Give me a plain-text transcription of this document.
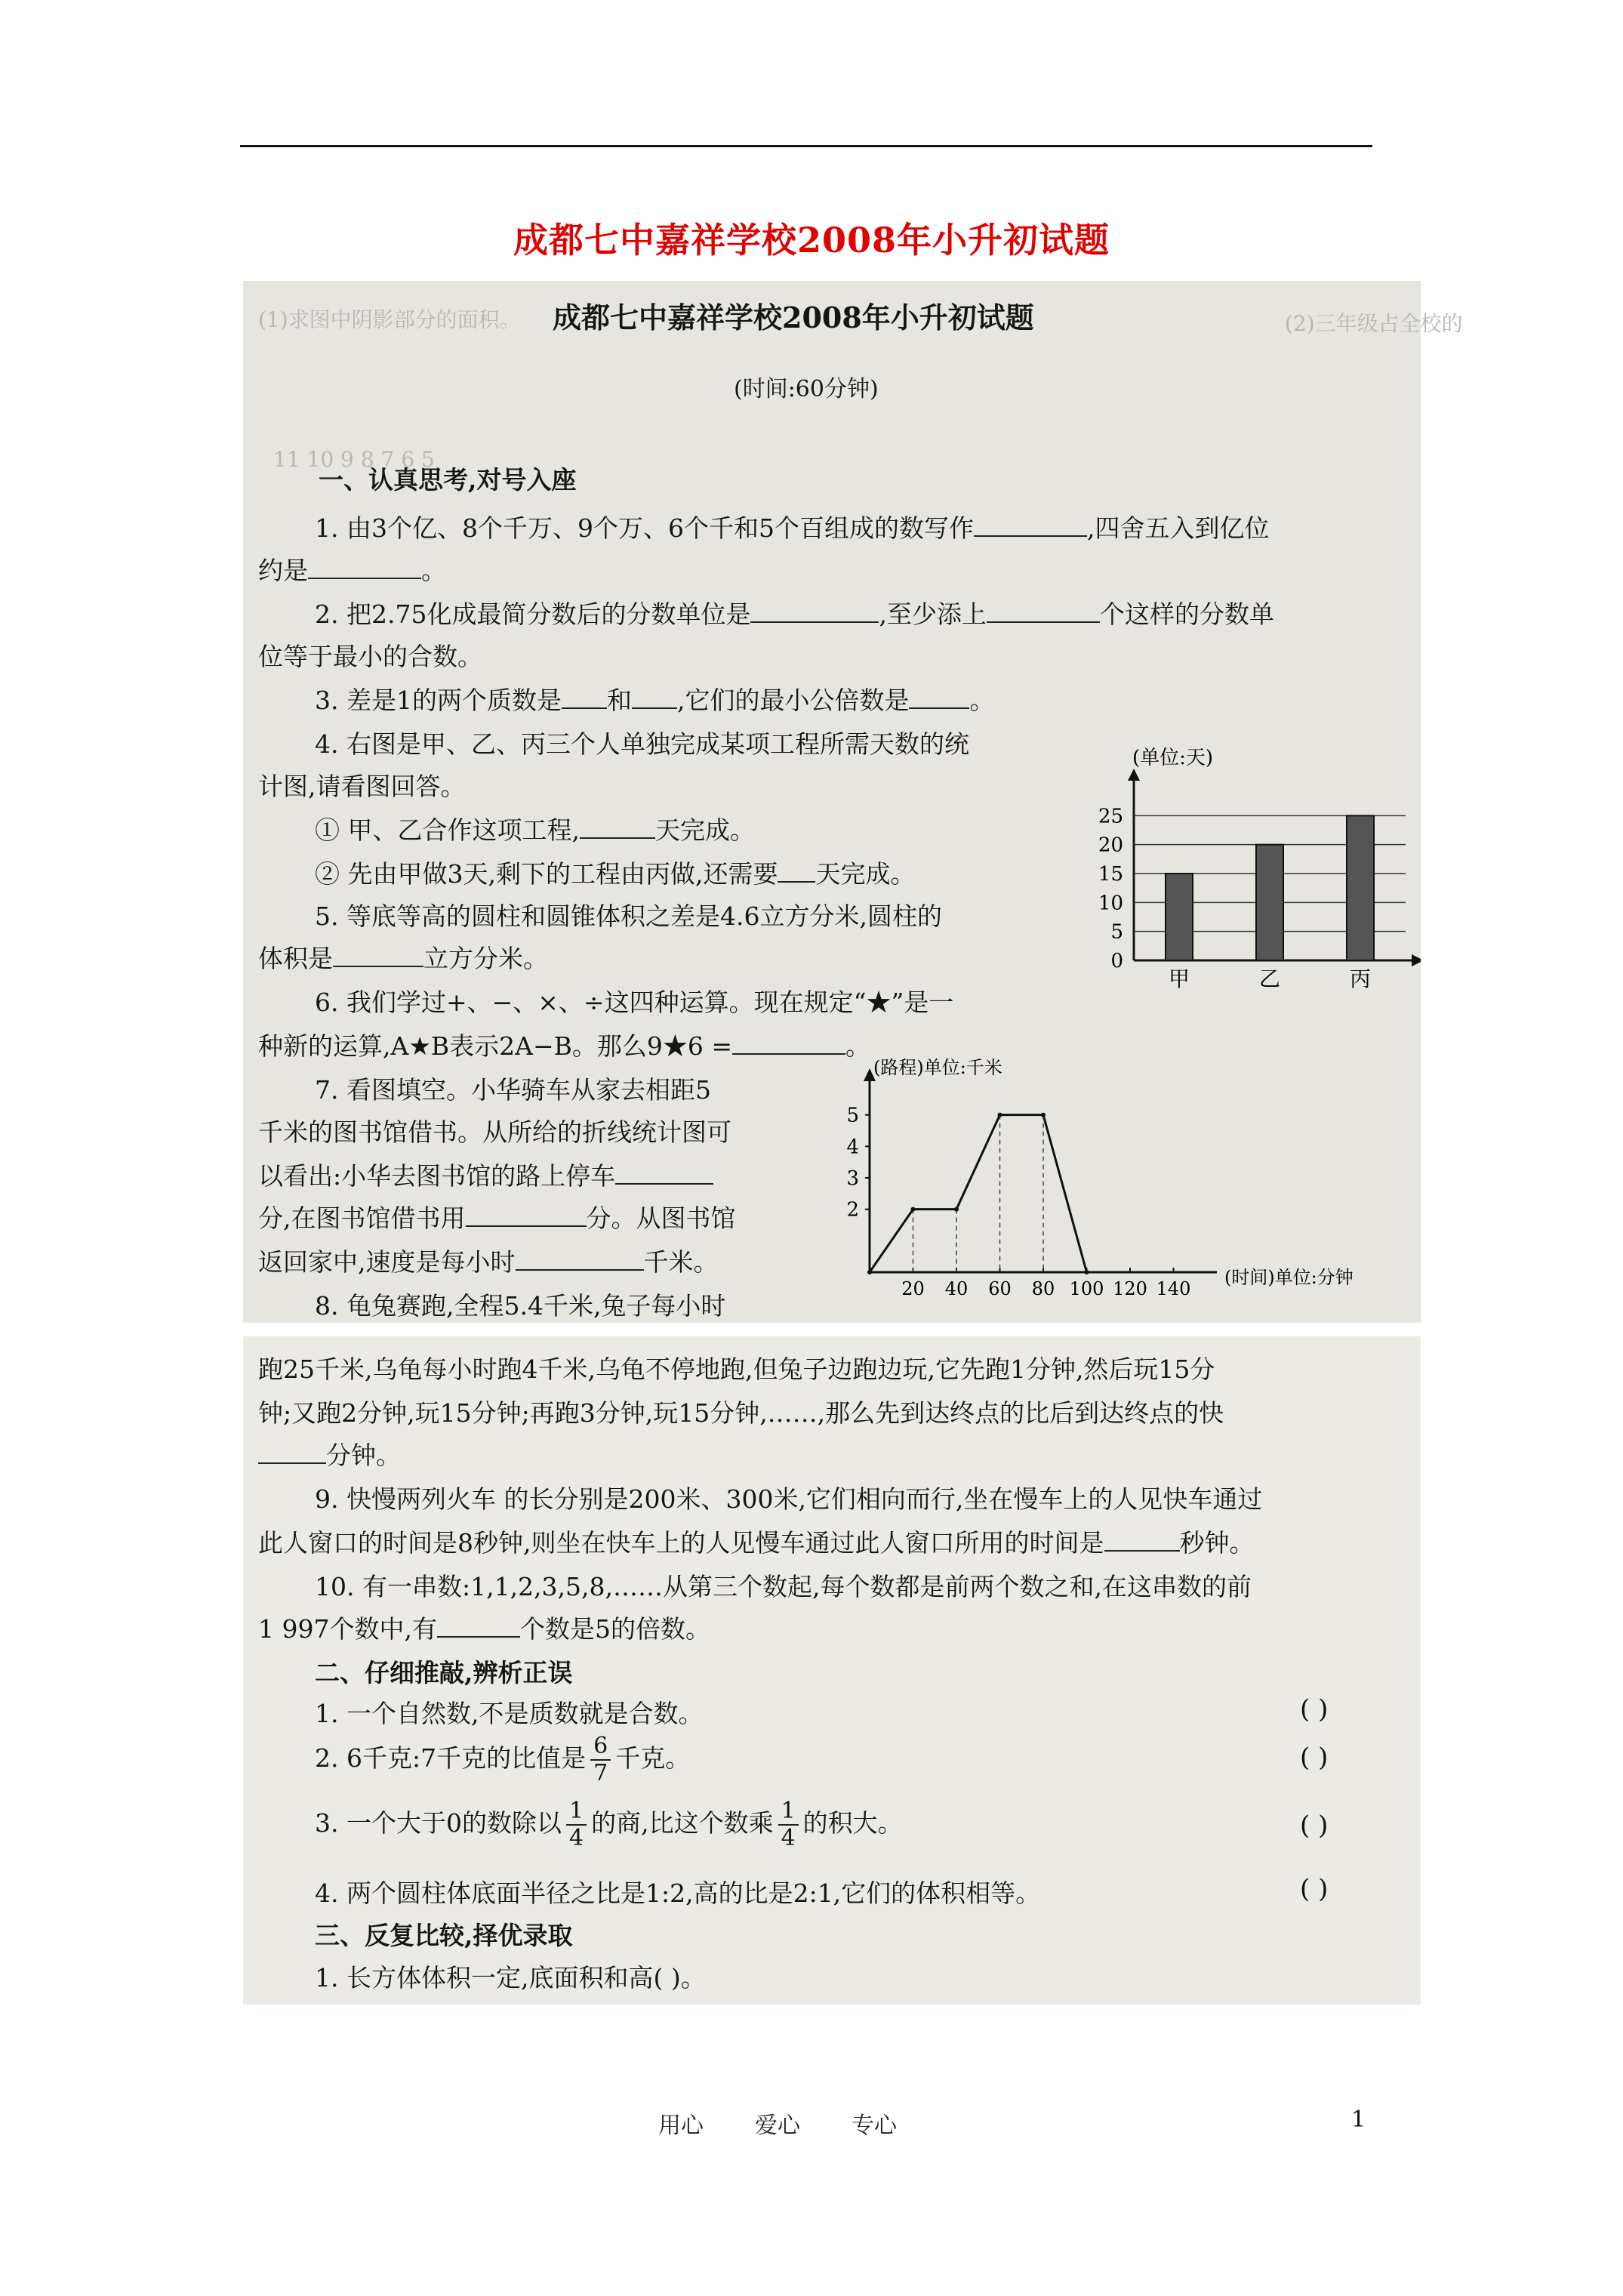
成都七中嘉祥学校2008年小升初试题
(1)求图中阴影部分的面积。	(2)三年级占全校的
11 10 9 8 7 6 5
成都七中嘉祥学校2008年小升初试题
(时间:60分钟)
一、认真思考,对号入座
1. 由3个亿、8个千万、9个万、6个千和5个百组成的数写作	,四舍五入到亿位
约是	。
2. 把2.75化成最简分数后的分数单位是	,至少添上	个这样的分数单
位等于最小的合数。
3. 差是1的两个质数是 和 ,它们的最小公倍数是 。
4. 右图是甲、乙、丙三个人单独完成某项工程所需天数的统
计图,请看图回答。
① 甲、乙合作这项工程,	天完成。
② 先由甲做3天,剩下的工程由丙做,还需要 天完成。
5. 等底等高的圆柱和圆锥体积之差是4.6立方分米,圆柱的
体积是	立方分米。
6. 我们学过+、−、×、÷这四种运算。现在规定“★”是一
种新的运算,A★B表示2A−B。那么9★6 =	。
7. 看图填空。小华骑车从家去相距5
千米的图书馆借书。从所给的折线统计图可
以看出:小华去图书馆的路上停车
分,在图书馆借书用	分。从图书馆
返回家中,速度是每小时	千米。
8. 龟兔赛跑,全程5.4千米,兔子每小时
(单位:天)
0
5
10
15
20
25
甲	乙	丙
(路程)单位:千米
(时间)单位:分钟
2
3
4
5
20 40 60 80 100 120 140
跑25千米,乌龟每小时跑4千米,乌龟不停地跑,但兔子边跑边玩,它先跑1分钟,然后玩15分
钟;又跑2分钟,玩15分钟;再跑3分钟,玩15分钟,……,那么先到达终点的比后到达终点的快
分钟。
9. 快慢两列火车 的长分别是200米、300米,它们相向而行,坐在慢车上的人见快车通过
此人窗口的时间是8秒钟,则坐在快车上的人见慢车通过此人窗口所用的时间是	秒钟。
10. 有一串数:1,1,2,3,5,8,……从第三个数起,每个数都是前两个数之和,在这串数的前
1 997个数中,有	个数是5的倍数。
二、仔细推敲,辨析正误
1. 一个自然数,不是质数就是合数。	( )
2. 6千克:7千克的比值是 $\frac{6}{7}$ 千克。	( )
3. 一个大于0的数除以 $\frac{1}{4}$ 的商,比这个数乘 $\frac{1}{4}$ 的积大。	( )
4. 两个圆柱体底面半径之比是1:2,高的比是2:1,它们的体积相等。	( )
三、反复比较,择优录取
1. 长方体体积一定,底面积和高( )。
用心 爱心 专心	1
